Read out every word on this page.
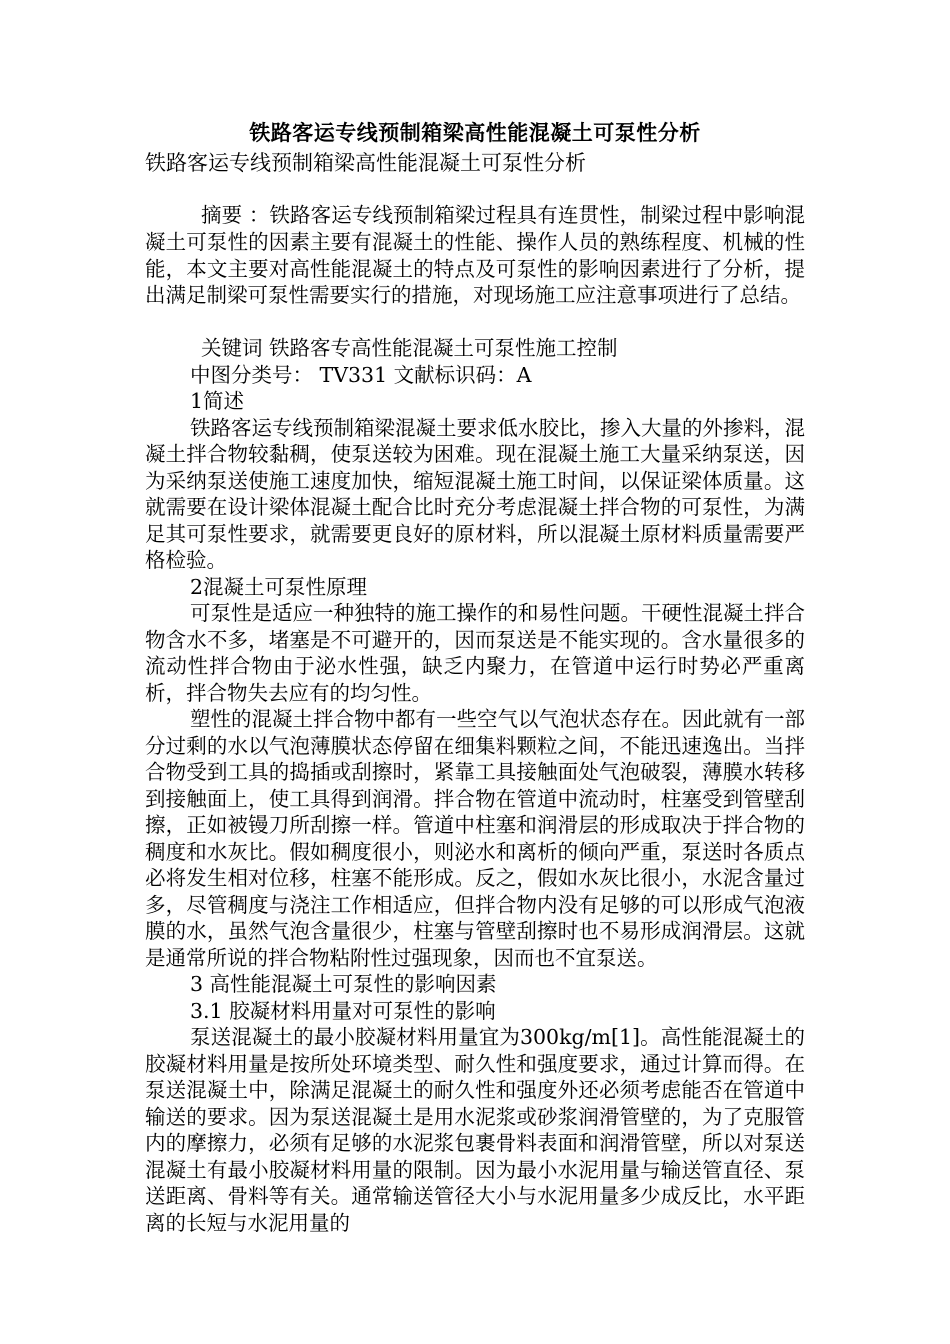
铁路客运专线预制箱梁高性能混凝土可泵性分析

铁路客运专线预制箱梁高性能混凝土可泵性分析

摘要 ：铁路客运专线预制箱梁过程具有连贯性，制梁过程中影响混凝土可泵性的因素主要有混凝土的性能、操作人员的熟练程度、机械的性能，本文主要对高性能混凝土的特点及可泵性的影响因素进行了分析，提出满足制梁可泵性需要实行的措施，对现场施工应注意事项进行了总结。

关键词 铁路客专高性能混凝土可泵性施工控制

中图分类号： TV331 文献标识码：A

1简述

铁路客运专线预制箱梁混凝土要求低水胶比，掺入大量的外掺料，混凝土拌合物较黏稠，使泵送较为困难。现在混凝土施工大量采纳泵送，因为采纳泵送使施工速度加快，缩短混凝土施工时间，以保证梁体质量。这就需要在设计梁体混凝土配合比时充分考虑混凝土拌合物的可泵性，为满足其可泵性要求，就需要更良好的原材料，所以混凝土原材料质量需要严格检验。

2混凝土可泵性原理

可泵性是适应一种独特的施工操作的和易性问题。干硬性混凝土拌合物含水不多，堵塞是不可避开的，因而泵送是不能实现的。含水量很多的流动性拌合物由于泌水性强，缺乏内聚力，在管道中运行时势必严重离析，拌合物失去应有的均匀性。

塑性的混凝土拌合物中都有一些空气以气泡状态存在。因此就有一部分过剩的水以气泡薄膜状态停留在细集料颗粒之间，不能迅速逸出。当拌合物受到工具的捣插或刮擦时，紧靠工具接触面处气泡破裂，薄膜水转移到接触面上，使工具得到润滑。拌合物在管道中流动时，柱塞受到管壁刮擦，正如被镘刀所刮擦一样。管道中柱塞和润滑层的形成取决于拌合物的稠度和水灰比。假如稠度很小，则泌水和离析的倾向严重，泵送时各质点必将发生相对位移，柱塞不能形成。反之，假如水灰比很小，水泥含量过多，尽管稠度与浇注工作相适应，但拌合物内没有足够的可以形成气泡液膜的水，虽然气泡含量很少，柱塞与管壁刮擦时也不易形成润滑层。这就是通常所说的拌合物粘附性过强现象，因而也不宜泵送。

3 高性能混凝土可泵性的影响因素

3.1 胶凝材料用量对可泵性的影响

泵送混凝土的最小胶凝材料用量宜为300kg/m[1]。高性能混凝土的胶凝材料用量是按所处环境类型、耐久性和强度要求，通过计算而得。在泵送混凝土中，除满足混凝土的耐久性和强度外还必须考虑能否在管道中输送的要求。因为泵送混凝土是用水泥浆或砂浆润滑管壁的，为了克服管内的摩擦力，必须有足够的水泥浆包裹骨料表面和润滑管壁，所以对泵送混凝土有最小胶凝材料用量的限制。因为最小水泥用量与输送管直径、泵送距离、骨料等有关。通常输送管径大小与水泥用量多少成反比，水平距离的长短与水泥用量的
